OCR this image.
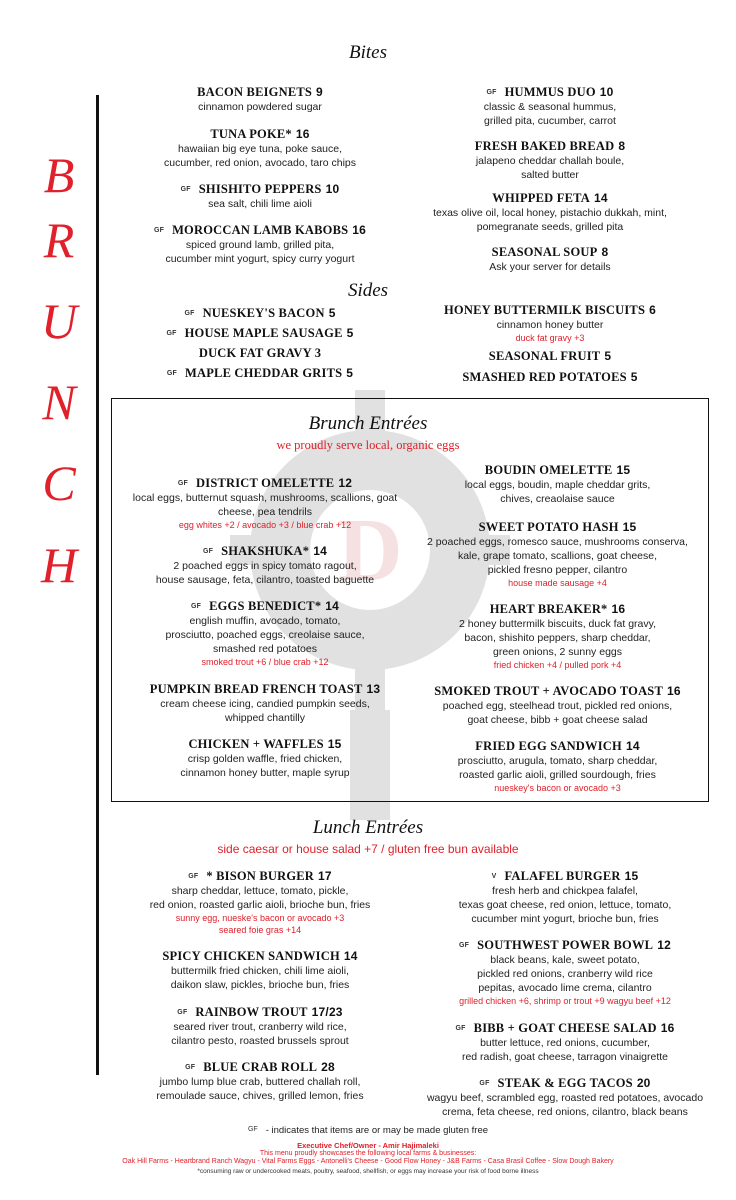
D
Bites
Sides
B
R
U
N
C
H
BACON BEIGNETS 9
cinnamon powdered sugar
TUNA POKE* 16
hawaiian big eye tuna, poke sauce,
cucumber, red onion, avocado, taro chips
GF SHISHITO PEPPERS 10
sea salt, chili lime aioli
GF MOROCCAN LAMB KABOBS 16
spiced ground lamb, grilled pita,
cucumber mint yogurt, spicy curry yogurt
GF HUMMUS DUO 10
classic & seasonal hummus,
grilled pita, cucumber, carrot
FRESH BAKED BREAD 8
jalapeno cheddar challah boule,
salted butter
WHIPPED FETA 14
texas olive oil, local honey, pistachio dukkah, mint,
pomegranate seeds, grilled pita
SEASONAL SOUP 8
Ask your server for details
GF NUESKEY'S BACON 5
GF HOUSE MAPLE SAUSAGE 5
DUCK FAT GRAVY 3
GF MAPLE CHEDDAR GRITS 5
HONEY BUTTERMILK BISCUITS 6
cinnamon honey butter
duck fat gravy +3
SEASONAL FRUIT 5
SMASHED RED POTATOES 5
Brunch Entrées
we proudly serve local, organic eggs
GF DISTRICT OMELETTE 12
local eggs, butternut squash, mushrooms, scallions, goat
cheese, pea tendrils
egg whites +2 / avocado +3 / blue crab +12
GF SHAKSHUKA* 14
2 poached eggs in spicy tomato ragout,
house sausage, feta, cilantro, toasted baguette
GF EGGS BENEDICT* 14
english muffin, avocado, tomato,
prosciutto, poached eggs, creolaise sauce,
smashed red potatoes
smoked trout +6 / blue crab +12
PUMPKIN BREAD FRENCH TOAST 13
cream cheese icing, candied pumpkin seeds,
whipped chantilly
CHICKEN + WAFFLES 15
crisp golden waffle, fried chicken,
cinnamon honey butter, maple syrup
BOUDIN OMELETTE 15
local eggs, boudin, maple cheddar grits,
chives, creaolaise sauce
SWEET POTATO HASH 15
2 poached eggs, romesco sauce, mushrooms conserva,
kale, grape tomato, scallions, goat cheese,
pickled fresno pepper, cilantro
house made sausage +4
HEART BREAKER* 16
2 honey buttermilk biscuits, duck fat gravy,
bacon, shishito peppers, sharp cheddar,
green onions, 2 sunny eggs
fried chicken +4 / pulled pork +4
SMOKED TROUT + AVOCADO TOAST 16
poached egg, steelhead trout, pickled red onions,
goat cheese, bibb + goat cheese salad
FRIED EGG SANDWICH 14
prosciutto, arugula, tomato, sharp cheddar,
roasted garlic aioli, grilled sourdough, fries
nueskey's bacon or avocado +3
Lunch Entrées
side caesar or house salad +7 / gluten free bun available
GF * BISON BURGER 17
sharp cheddar, lettuce, tomato, pickle,
red onion, roasted garlic aioli, brioche bun, fries
sunny egg, nueske's bacon or avocado +3
seared foie gras +14
SPICY CHICKEN SANDWICH 14
buttermilk fried chicken, chili lime aioli,
daikon slaw, pickles, brioche bun, fries
GF RAINBOW TROUT 17/23
seared river trout, cranberry wild rice,
cilantro pesto, roasted brussels sprout
GF BLUE CRAB ROLL 28
jumbo lump blue crab, buttered challah roll,
remoulade sauce, chives, grilled lemon, fries
V FALAFEL BURGER 15
fresh herb and chickpea falafel,
texas goat cheese, red onion, lettuce, tomato,
cucumber mint yogurt, brioche bun, fries
GF SOUTHWEST POWER BOWL 12
black beans, kale, sweet potato,
pickled red onions, cranberry wild rice
pepitas, avocado lime crema, cilantro
grilled chicken +6, shrimp or trout +9 wagyu beef +12
GF BIBB + GOAT CHEESE SALAD 16
butter lettuce, red onions, cucumber,
red radish, goat cheese, tarragon vinaigrette
GF STEAK & EGG TACOS 20
wagyu beef, scrambled egg, roasted red potatoes, avocado
crema, feta cheese, red onions, cilantro, black beans
$^{GF}$ - indicates that items are or may be made gluten free
Executive Chef/Owner - Amir Hajimaleki
This menu proudly showcases the following local farms & businesses:
Oak Hill Farms - Heartbrand Ranch Wagyu - Vital Farms Eggs - Antonelli's Cheese - Good Flow Honey - J&B Farms - Casa Brasil Coffee - Slow Dough Bakery
*consuming raw or undercooked meats, poultry, seafood, shellfish, or eggs may increase your risk of food borne illness
